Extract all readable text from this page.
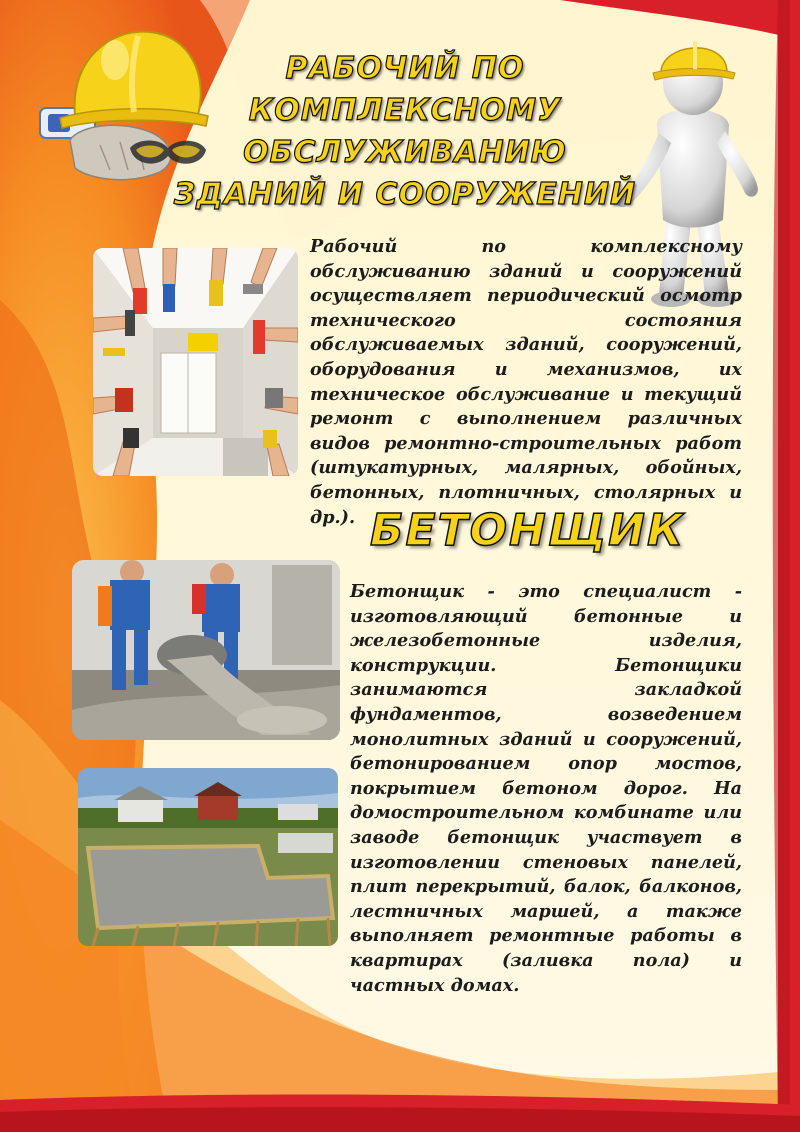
РАБОЧИЙ ПО
КОМПЛЕКСНОМУ
ОБСЛУЖИВАНИЮ
ЗДАНИЙ И СООРУЖЕНИЙ
Рабочий по комплексному обслуживанию зданий и сооружений осуществляет периодический осмотр технического состояния обслуживаемых зданий, сооружений, оборудования и механизмов, их техническое обслуживание и текущий ремонт с выполнением различных видов ремонтно-строительных работ (штукатурных, малярных, обойных, бетонных, плотничных, столярных и др.). БЕТОНЩИК
Бетонщик - это специалист - изготовляющий бетонные и железобетонные изделия, конструкции. Бетонщики занимаются закладкой фундаментов, возведением монолитных зданий и сооружений, бетонированием опор мостов, покрытием бетоном дорог. На домостроительном комбинате или заводе бетонщик участвует в изготовлении стеновых панелей, плит перекрытий, балок, балконов, лестничных маршей, а также выполняет ремонтные работы в квартирах (заливка пола) и частных домах.
